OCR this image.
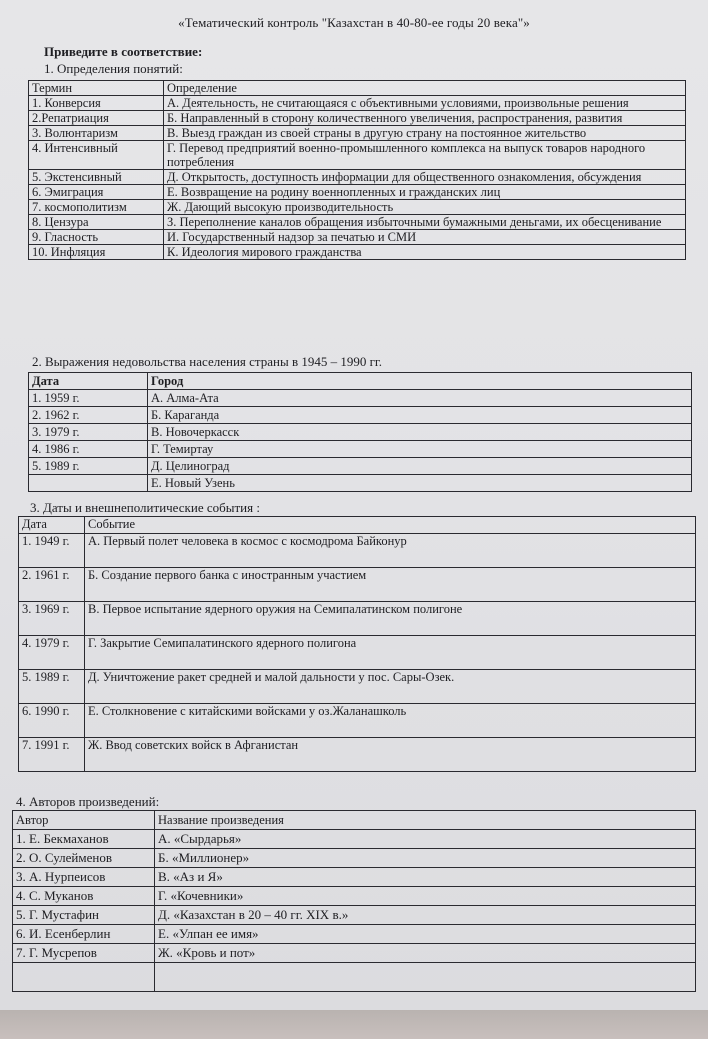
«Тематический контроль "Казахстан в 40-80-ее годы 20 века"»
Приведите в соответствие:
1. Определения понятий:
Термин	Определение
1. Конверсия	А. Деятельность, не считающаяся с объективными условиями, произвольные решения
2.Репатриация	Б. Направленный в сторону количественного увеличения, распространения, развития
3. Волюнтаризм	В. Выезд граждан из своей страны в другую страну на постоянное жительство
4. Интенсивный	Г. Перевод предприятий военно-промышленного комплекса на выпуск товаров народного потребления
5. Экстенсивный	Д. Открытость, доступность информации для общественного ознакомления, обсуждения
6. Эмиграция	Е. Возвращение на родину военнопленных и гражданских лиц
7. космополитизм	Ж. Дающий высокую производительность
8. Цензура	З. Переполнение каналов обращения избыточными бумажными деньгами, их обесценивание
9. Гласность	И. Государственный надзор за печатью и СМИ
10. Инфляция	К. Идеология мирового гражданства
2. Выражения недовольства населения страны в 1945 – 1990 гг.
Дата	Город
1. 1959 г.	А. Алма-Ата
2. 1962 г.	Б. Караганда
3. 1979 г.	В. Новочеркасск
4. 1986 г.	Г. Темиртау
5. 1989 г.	Д. Целиноград
	Е. Новый Узень
3. Даты и внешнеполитические события :
Дата	Событие
1. 1949 г.	А. Первый полет человека в космос с космодрома Байконур
2. 1961 г.	Б. Создание первого банка с иностранным участием
3. 1969 г.	В. Первое испытание ядерного оружия на Семипалатинском полигоне
4. 1979 г.	Г. Закрытие Семипалатинского ядерного полигона
5. 1989 г.	Д. Уничтожение ракет средней и малой дальности у пос. Сары-Озек.
6. 1990 г.	Е. Столкновение с китайскими войсками у оз.Жаланашколь
7. 1991 г.	Ж. Ввод советских войск в Афганистан
4. Авторов произведений:
Автор	Название произведения
1. Е. Бекмаханов	А. «Сырдарья»
2. О. Сулейменов	Б. «Миллионер»
3. А. Нурпеисов	В. «Аз и Я»
4. С. Муканов	Г. «Кочевники»
5. Г. Мустафин	Д. «Казахстан в 20 – 40 гг. XIX в.»
6. И. Есенберлин	Е. «Улпан ее имя»
7. Г. Мусрепов	Ж. «Кровь и пот»
